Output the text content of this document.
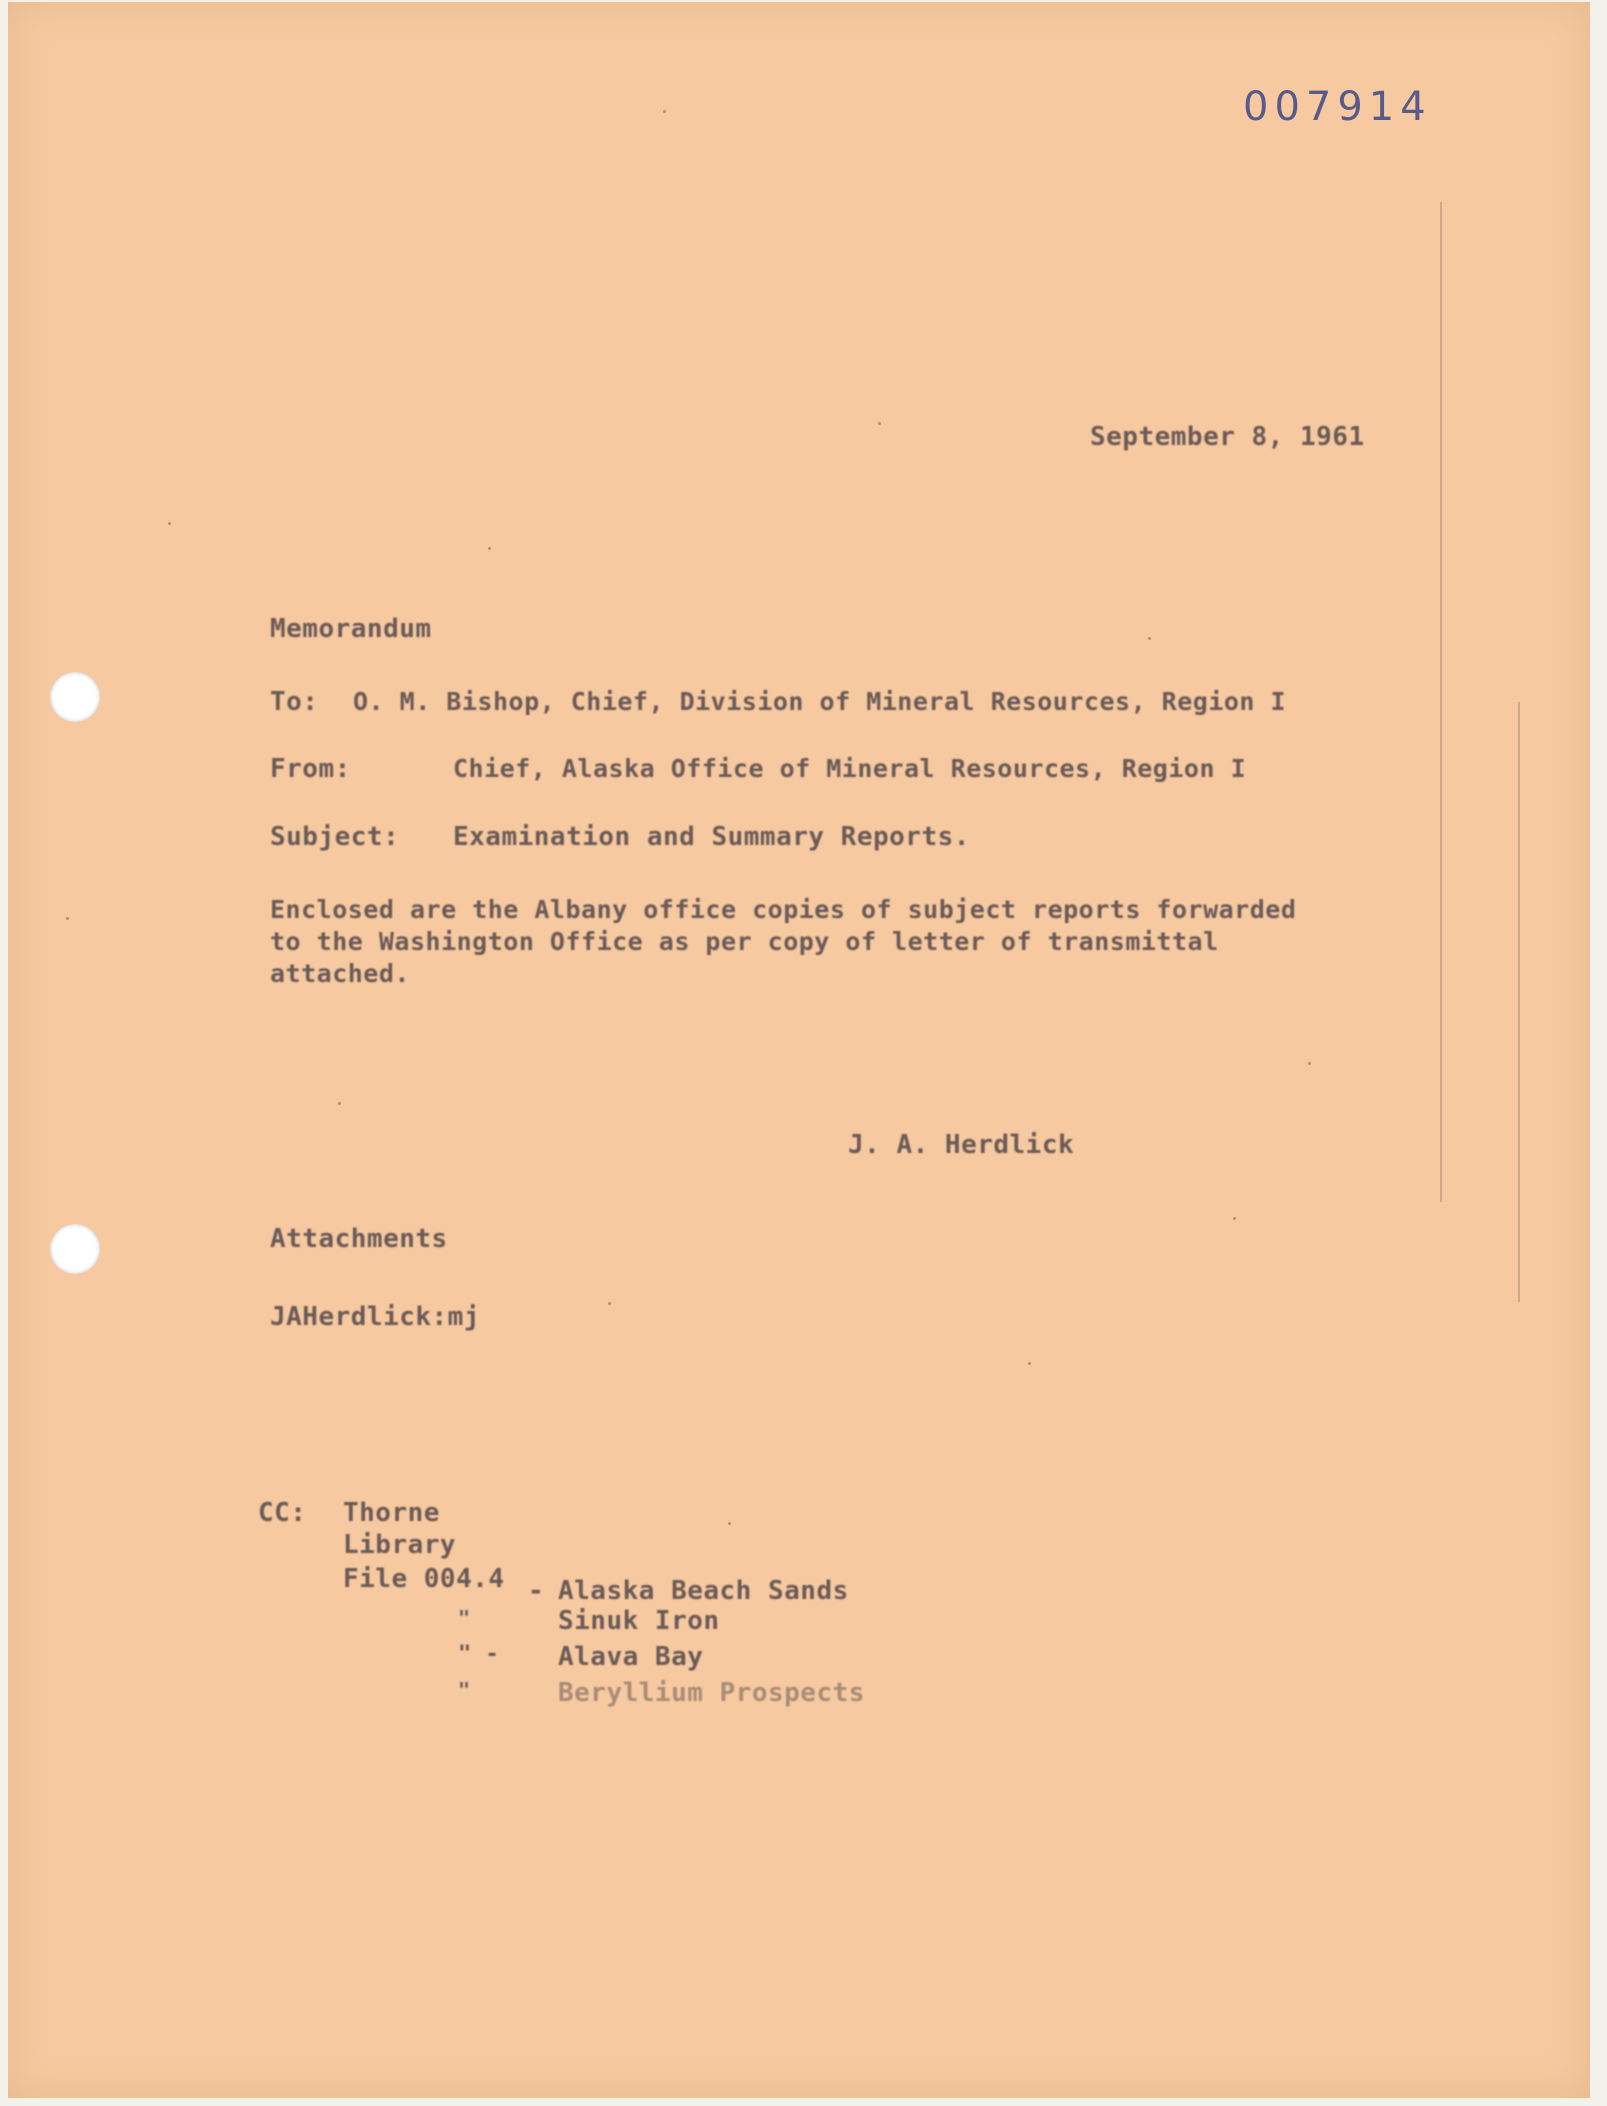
007914

September 8, 1961

Memorandum

To: O. M. Bishop, Chief, Division of Mineral Resources, Region I

From:	Chief, Alaska Office of Mineral Resources, Region I

Subject: Examination and Summary Reports.

Enclosed are the Albany office copies of subject reports forwarded

to the Washington Office as per copy of letter of transmittal

attached.

J. A. Herdlick

Attachments

JAHerdlick:mj

CC: Thorne

Library

File 004.4 - Alaska Beach Sands

"	Sinuk Iron

" - Alava Bay

"	Beryllium Prospects
